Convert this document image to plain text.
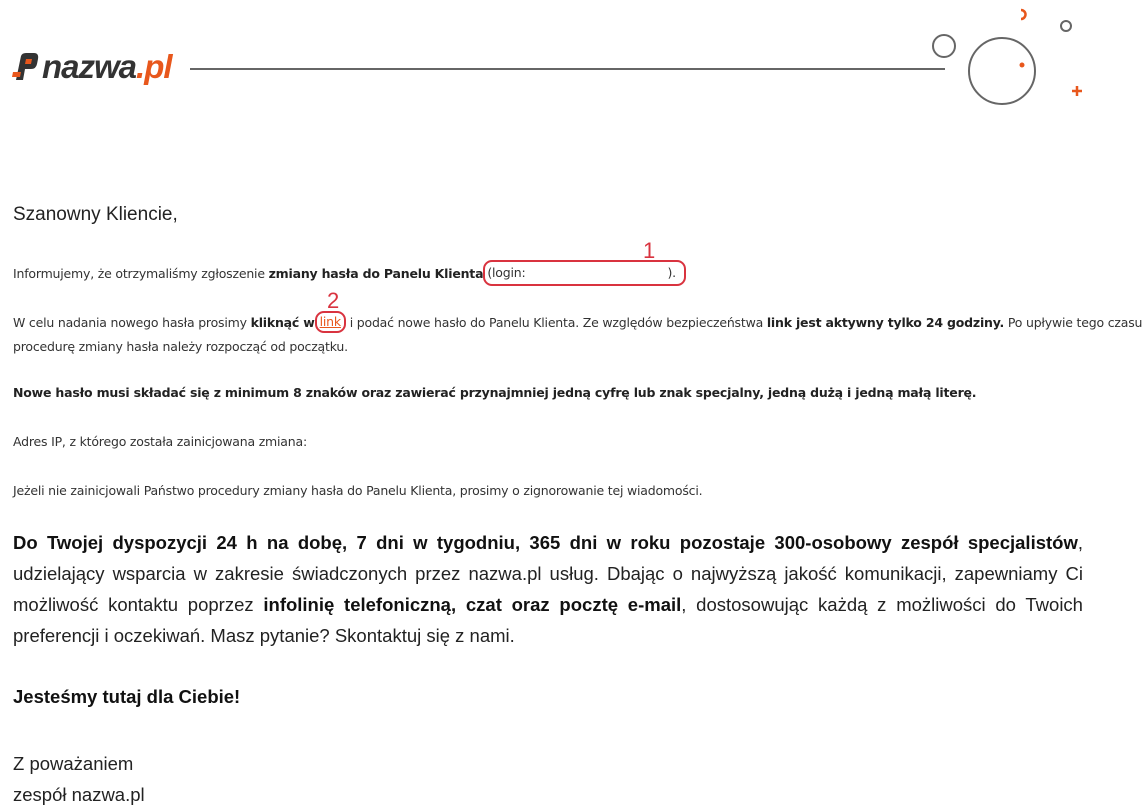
nazwa.pl
Szanowny Kliencie,
Informujemy, że otrzymaliśmy zgłoszenie zmiany hasła do Panelu Klienta (login:	).
1
W celu nadania nowego hasła prosimy kliknąć w link i podać nowe hasło do Panelu Klienta. Ze względów bezpieczeństwa link jest aktywny tylko 24 godziny. Po upływie tego czasu
procedurę zmiany hasła należy rozpocząć od początku.
2
Nowe hasło musi składać się z minimum 8 znaków oraz zawierać przynajmniej jedną cyfrę lub znak specjalny, jedną dużą i jedną małą literę.
Adres IP, z którego została zainicjowana zmiana:
Jeżeli nie zainicjowali Państwo procedury zmiany hasła do Panelu Klienta, prosimy o zignorowanie tej wiadomości.
Do Twojej dyspozycji 24 h na dobę, 7 dni w tygodniu, 365 dni w roku pozostaje 300-osobowy zespół specjalistów, udzielający wsparcia w zakresie świadczonych przez nazwa.pl usług. Dbając o najwyższą jakość komunikacji, zapewniamy Ci możliwość kontaktu poprzez infolinię telefoniczną, czat oraz pocztę e-mail, dostosowując każdą z możliwości do Twoich preferencji i oczekiwań. Masz pytanie? Skontaktuj się z nami.
Jesteśmy tutaj dla Ciebie!
Z poważaniem
zespół nazwa.pl
